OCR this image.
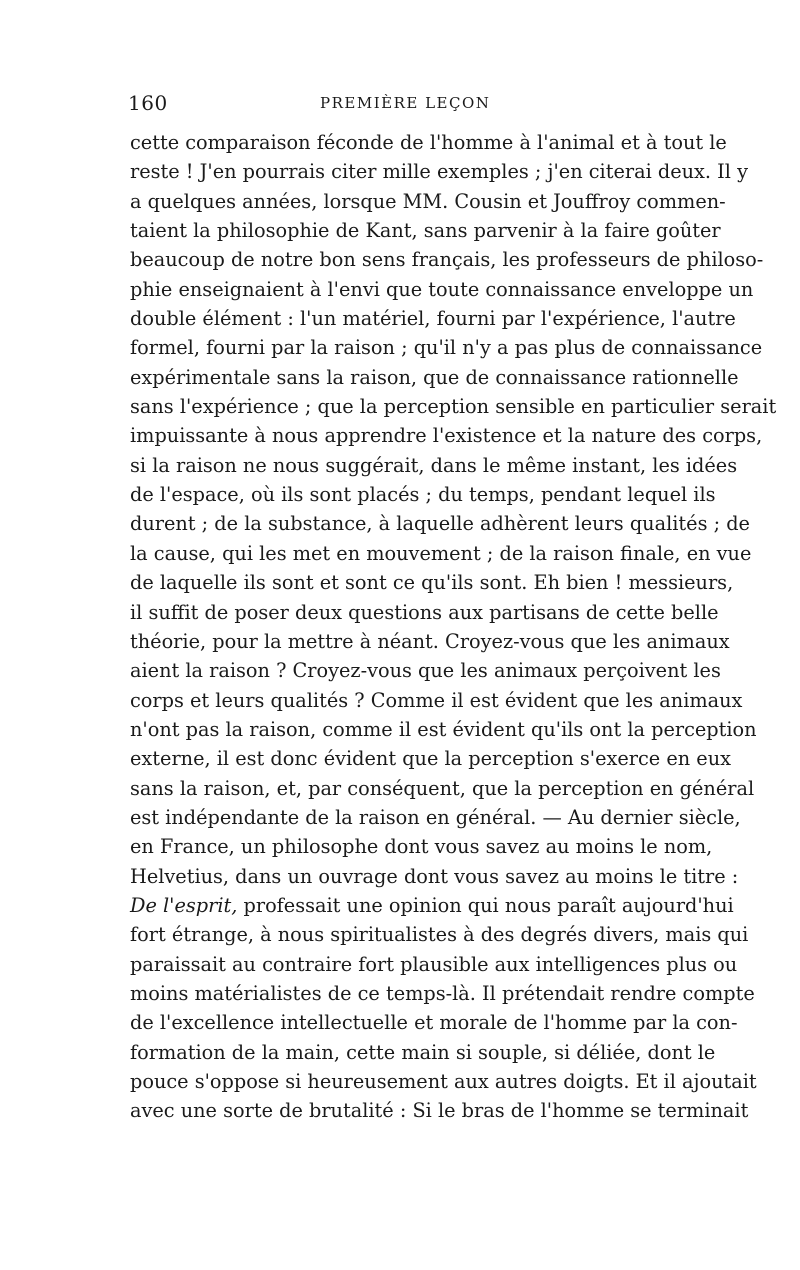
160	PREMIÈRE LEÇON
cette comparaison féconde de l'homme à l'animal et à tout le
reste ! J'en pourrais citer mille exemples ; j'en citerai deux. Il y
a quelques années, lorsque MM. Cousin et Jouffroy commen-
taient la philosophie de Kant, sans parvenir à la faire goûter
beaucoup de notre bon sens français, les professeurs de philoso-
phie enseignaient à l'envi que toute connaissance enveloppe un
double élément : l'un matériel, fourni par l'expérience, l'autre
formel, fourni par la raison ; qu'il n'y a pas plus de connaissance
expérimentale sans la raison, que de connaissance rationnelle
sans l'expérience ; que la perception sensible en particulier serait
impuissante à nous apprendre l'existence et la nature des corps,
si la raison ne nous suggérait, dans le même instant, les idées
de l'espace, où ils sont placés ; du temps, pendant lequel ils
durent ; de la substance, à laquelle adhèrent leurs qualités ; de
la cause, qui les met en mouvement ; de la raison finale, en vue
de laquelle ils sont et sont ce qu'ils sont. Eh bien ! messieurs,
il suffit de poser deux questions aux partisans de cette belle
théorie, pour la mettre à néant. Croyez-vous que les animaux
aient la raison ? Croyez-vous que les animaux perçoivent les
corps et leurs qualités ? Comme il est évident que les animaux
n'ont pas la raison, comme il est évident qu'ils ont la perception
externe, il est donc évident que la perception s'exerce en eux
sans la raison, et, par conséquent, que la perception en général
est indépendante de la raison en général. — Au dernier siècle,
en France, un philosophe dont vous savez au moins le nom,
Helvetius, dans un ouvrage dont vous savez au moins le titre :
De l'esprit, professait une opinion qui nous paraît aujourd'hui
fort étrange, à nous spiritualistes à des degrés divers, mais qui
paraissait au contraire fort plausible aux intelligences plus ou
moins matérialistes de ce temps-là. Il prétendait rendre compte
de l'excellence intellectuelle et morale de l'homme par la con-
formation de la main, cette main si souple, si déliée, dont le
pouce s'oppose si heureusement aux autres doigts. Et il ajoutait
avec une sorte de brutalité : Si le bras de l'homme se terminait
